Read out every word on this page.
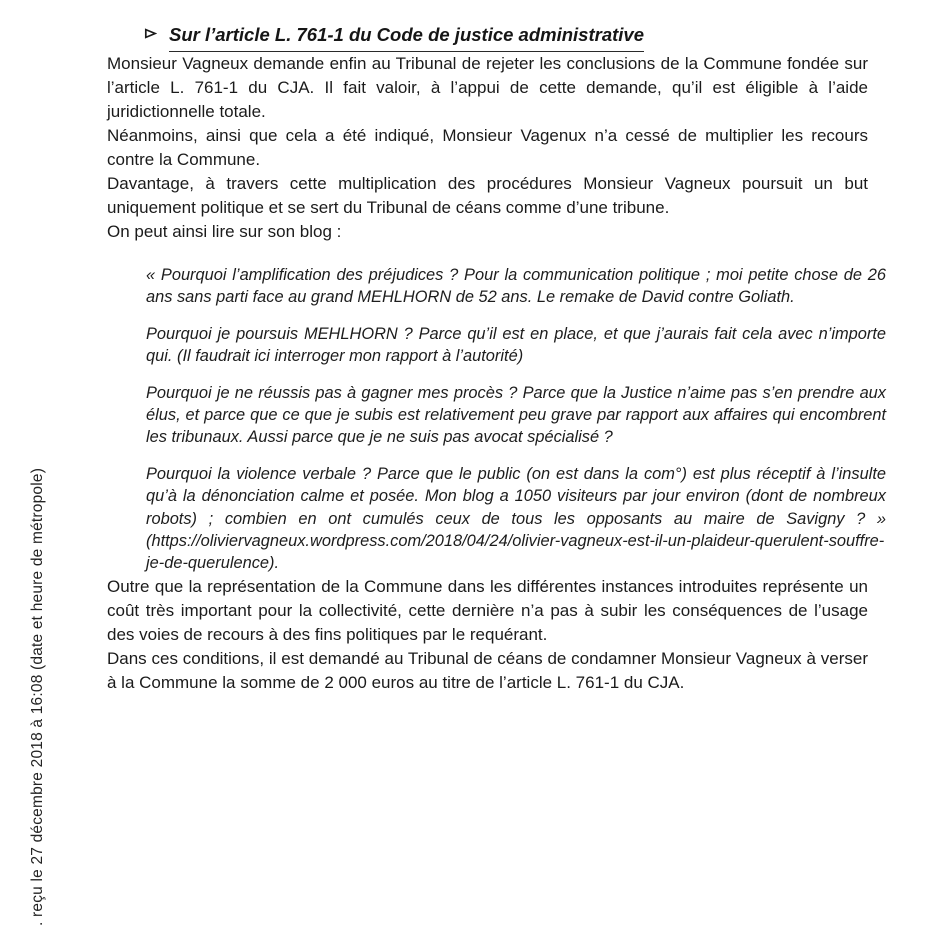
. reçu le 27 décembre 2018 à 16:08 (date et heure de métropole)
Sur l’article L. 761-1 du Code de justice administrative

Monsieur Vagneux demande enfin au Tribunal de rejeter les conclusions de la Commune fondée sur l’article L. 761-1 du CJA. Il fait valoir, à l’appui de cette demande, qu’il est éligible à l’aide juridictionnelle totale.

Néanmoins, ainsi que cela a été indiqué, Monsieur Vagenux n’a cessé de multiplier les recours contre la Commune.

Davantage, à travers cette multiplication des procédures Monsieur Vagneux poursuit un but uniquement politique et se sert du Tribunal de céans comme d’une tribune.

On peut ainsi lire sur son blog :

« Pourquoi l’amplification des préjudices ? Pour la communication politique ; moi petite chose de 26 ans sans parti face au grand MEHLHORN de 52 ans. Le remake de David contre Goliath.

Pourquoi je poursuis MEHLHORN ? Parce qu’il est en place, et que j’aurais fait cela avec n’importe qui. (Il faudrait ici interroger mon rapport à l’autorité)

Pourquoi je ne réussis pas à gagner mes procès ? Parce que la Justice n’aime pas s’en prendre aux élus, et parce que ce que je subis est relativement peu grave par rapport aux affaires qui encombrent les tribunaux. Aussi parce que je ne suis pas avocat spécialisé ?

Pourquoi la violence verbale ? Parce que le public (on est dans la com°) est plus réceptif à l’insulte qu’à la dénonciation calme et posée. Mon blog a 1050 visiteurs par jour environ (dont de nombreux robots) ; combien en ont cumulés ceux de tous les opposants au maire de Savigny ? » (https://oliviervagneux.wordpress.com/2018/04/24/olivier-vagneux-est-il-un-plaideur-querulent-souffre-je-de-querulence).

Outre que la représentation de la Commune dans les différentes instances introduites représente un coût très important pour la collectivité, cette dernière n’a pas à subir les conséquences de l’usage des voies de recours à des fins politiques par le requérant.

Dans ces conditions, il est demandé au Tribunal de céans de condamner Monsieur Vagneux à verser à la Commune la somme de 2 000 euros au titre de l’article L. 761-1 du CJA.
